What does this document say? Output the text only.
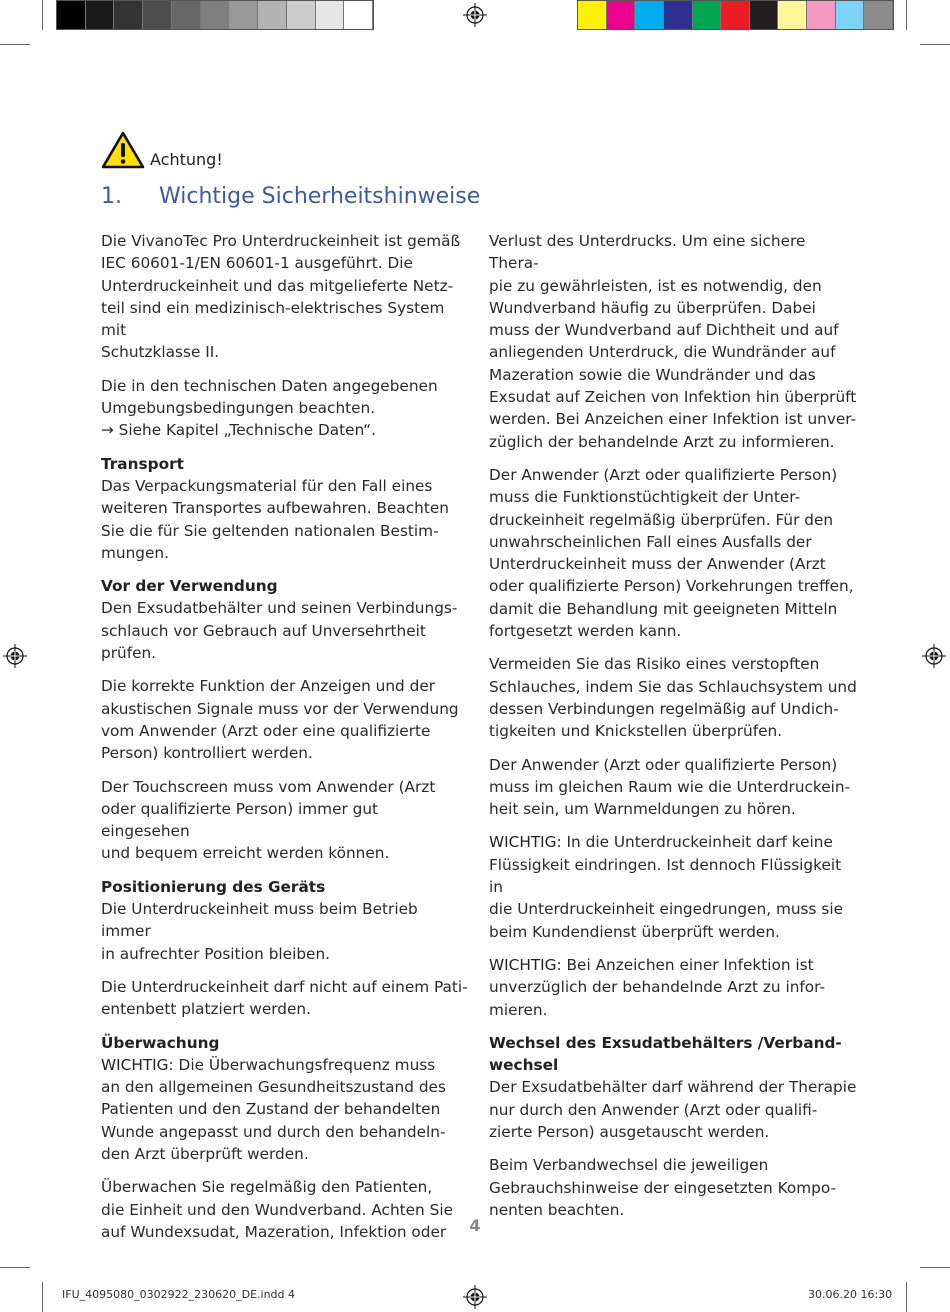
Achtung!
1. Wichtige Sicherheitshinweise

Die VivanoTec Pro Unterdruckeinheit ist gemäß
IEC 60601-1/EN 60601-1 ausgeführt. Die
Unterdruckeinheit und das mitgelieferte Netz-
teil sind ein medizinisch-elektrisches System mit
Schutzklasse II.

Die in den technischen Daten angegebenen
Umgebungsbedingungen beachten.
→ Siehe Kapitel „Technische Daten“.

Transport
Das Verpackungsmaterial für den Fall eines
weiteren Transportes aufbewahren. Beachten
Sie die für Sie geltenden nationalen Bestim-
mungen.

Vor der Verwendung
Den Exsudatbehälter und seinen Verbindungs-
schlauch vor Gebrauch auf Unversehrtheit
prüfen.

Die korrekte Funktion der Anzeigen und der
akustischen Signale muss vor der Verwendung
vom Anwender (Arzt oder eine qualifizierte
Person) kontrolliert werden.

Der Touchscreen muss vom Anwender (Arzt
oder qualifizierte Person) immer gut eingesehen
und bequem erreicht werden können.

Positionierung des Geräts
Die Unterdruckeinheit muss beim Betrieb immer
in aufrechter Position bleiben.

Die Unterdruckeinheit darf nicht auf einem Pati-
entenbett platziert werden.

Überwachung
WICHTIG: Die Überwachungsfrequenz muss
an den allgemeinen Gesundheitszustand des
Patienten und den Zustand der behandelten
Wunde angepasst und durch den behandeln-
den Arzt überprüft werden.

Überwachen Sie regelmäßig den Patienten,
die Einheit und den Wundverband. Achten Sie
auf Wundexsudat, Mazeration, Infektion oder

Verlust des Unterdrucks. Um eine sichere Thera-
pie zu gewährleisten, ist es notwendig, den
Wundverband häufig zu überprüfen. Dabei
muss der Wundverband auf Dichtheit und auf
anliegenden Unterdruck, die Wundränder auf
Mazeration sowie die Wundränder und das
Exsudat auf Zeichen von Infektion hin überprüft
werden. Bei Anzeichen einer Infektion ist unver-
züglich der behandelnde Arzt zu informieren.

Der Anwender (Arzt oder qualifizierte Person)
muss die Funktionstüchtigkeit der Unter-
druckeinheit regelmäßig überprüfen. Für den
unwahrscheinlichen Fall eines Ausfalls der
Unterdruckeinheit muss der Anwender (Arzt
oder qualifizierte Person) Vorkehrungen treffen,
damit die Behandlung mit geeigneten Mitteln
fortgesetzt werden kann.

Vermeiden Sie das Risiko eines verstopften
Schlauches, indem Sie das Schlauchsystem und
dessen Verbindungen regelmäßig auf Undich-
tigkeiten und Knickstellen überprüfen.

Der Anwender (Arzt oder qualifizierte Person)
muss im gleichen Raum wie die Unterdruckein-
heit sein, um Warnmeldungen zu hören.

WICHTIG: In die Unterdruckeinheit darf keine
Flüssigkeit eindringen. Ist dennoch Flüssigkeit in
die Unterdruckeinheit eingedrungen, muss sie
beim Kundendienst überprüft werden.

WICHTIG: Bei Anzeichen einer Infektion ist
unverzüglich der behandelnde Arzt zu infor-
mieren.

Wechsel des Exsudatbehälters /Verband-
wechsel
Der Exsudatbehälter darf während der Therapie
nur durch den Anwender (Arzt oder qualifi-
zierte Person) ausgetauscht werden.

Beim Verbandwechsel die jeweiligen
Gebrauchshinweise der eingesetzten Kompo-
nenten beachten.

4
IFU_4095080_0302922_230620_DE.indd 4	30.06.20 16:30
